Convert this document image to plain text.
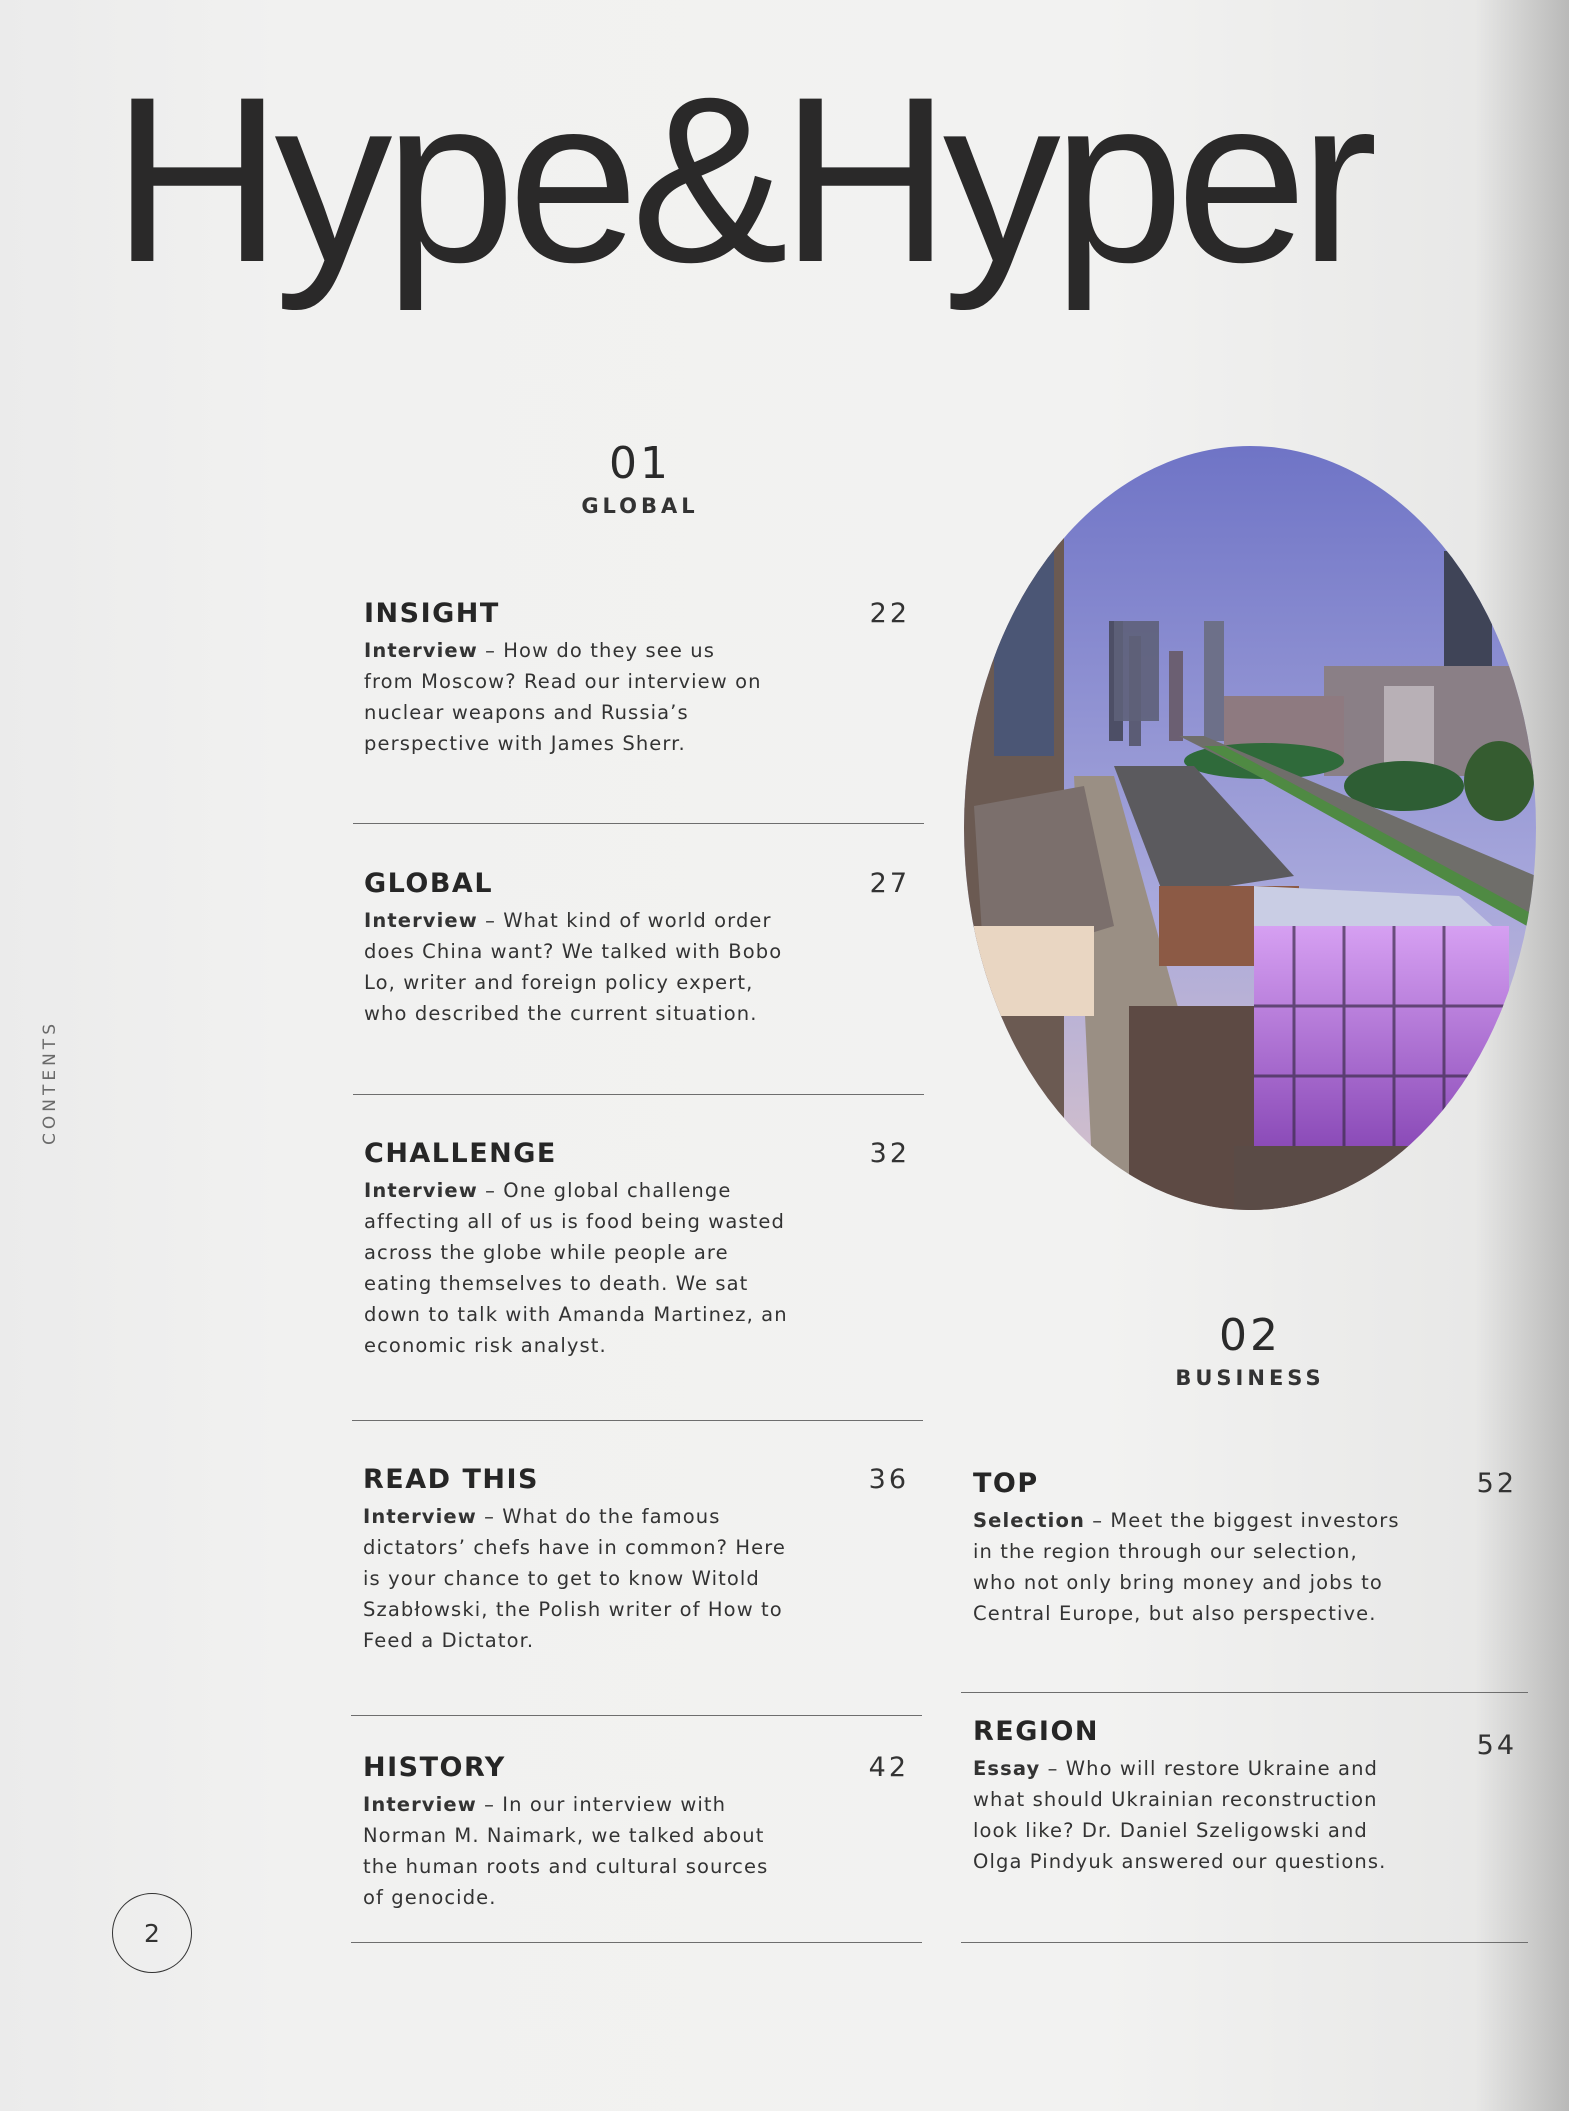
Hype&Hyper
CONTENTS
01
GLOBAL
INSIGHT	22
Interview – How do they see us from Moscow? Read our interview on nuclear weapons and Russia’s perspective with James Sherr.
GLOBAL	27
Interview – What kind of world order does China want? We talked with Bobo Lo, writer and foreign policy expert, who described the current situation.
CHALLENGE	32
Interview – One global challenge affecting all of us is food being wasted across the globe while people are eating themselves to death. We sat down to talk with Amanda Martinez, an economic risk analyst.
READ THIS	36
Interview – What do the famous dictators’ chefs have in common? Here is your chance to get to know Witold Szabłowski, the Polish writer of How to Feed a Dictator.
HISTORY	42
Interview – In our interview with Norman M. Naimark, we talked about the human roots and cultural sources of genocide.
02
BUSINESS
TOP	52
Selection – Meet the biggest investors in the region through our selection, who not only bring money and jobs to Central Europe, but also perspective.
REGION	54
Essay – Who will restore Ukraine and what should Ukrainian reconstruction look like? Dr. Daniel Szeligowski and Olga Pindyuk answered our questions.
2
